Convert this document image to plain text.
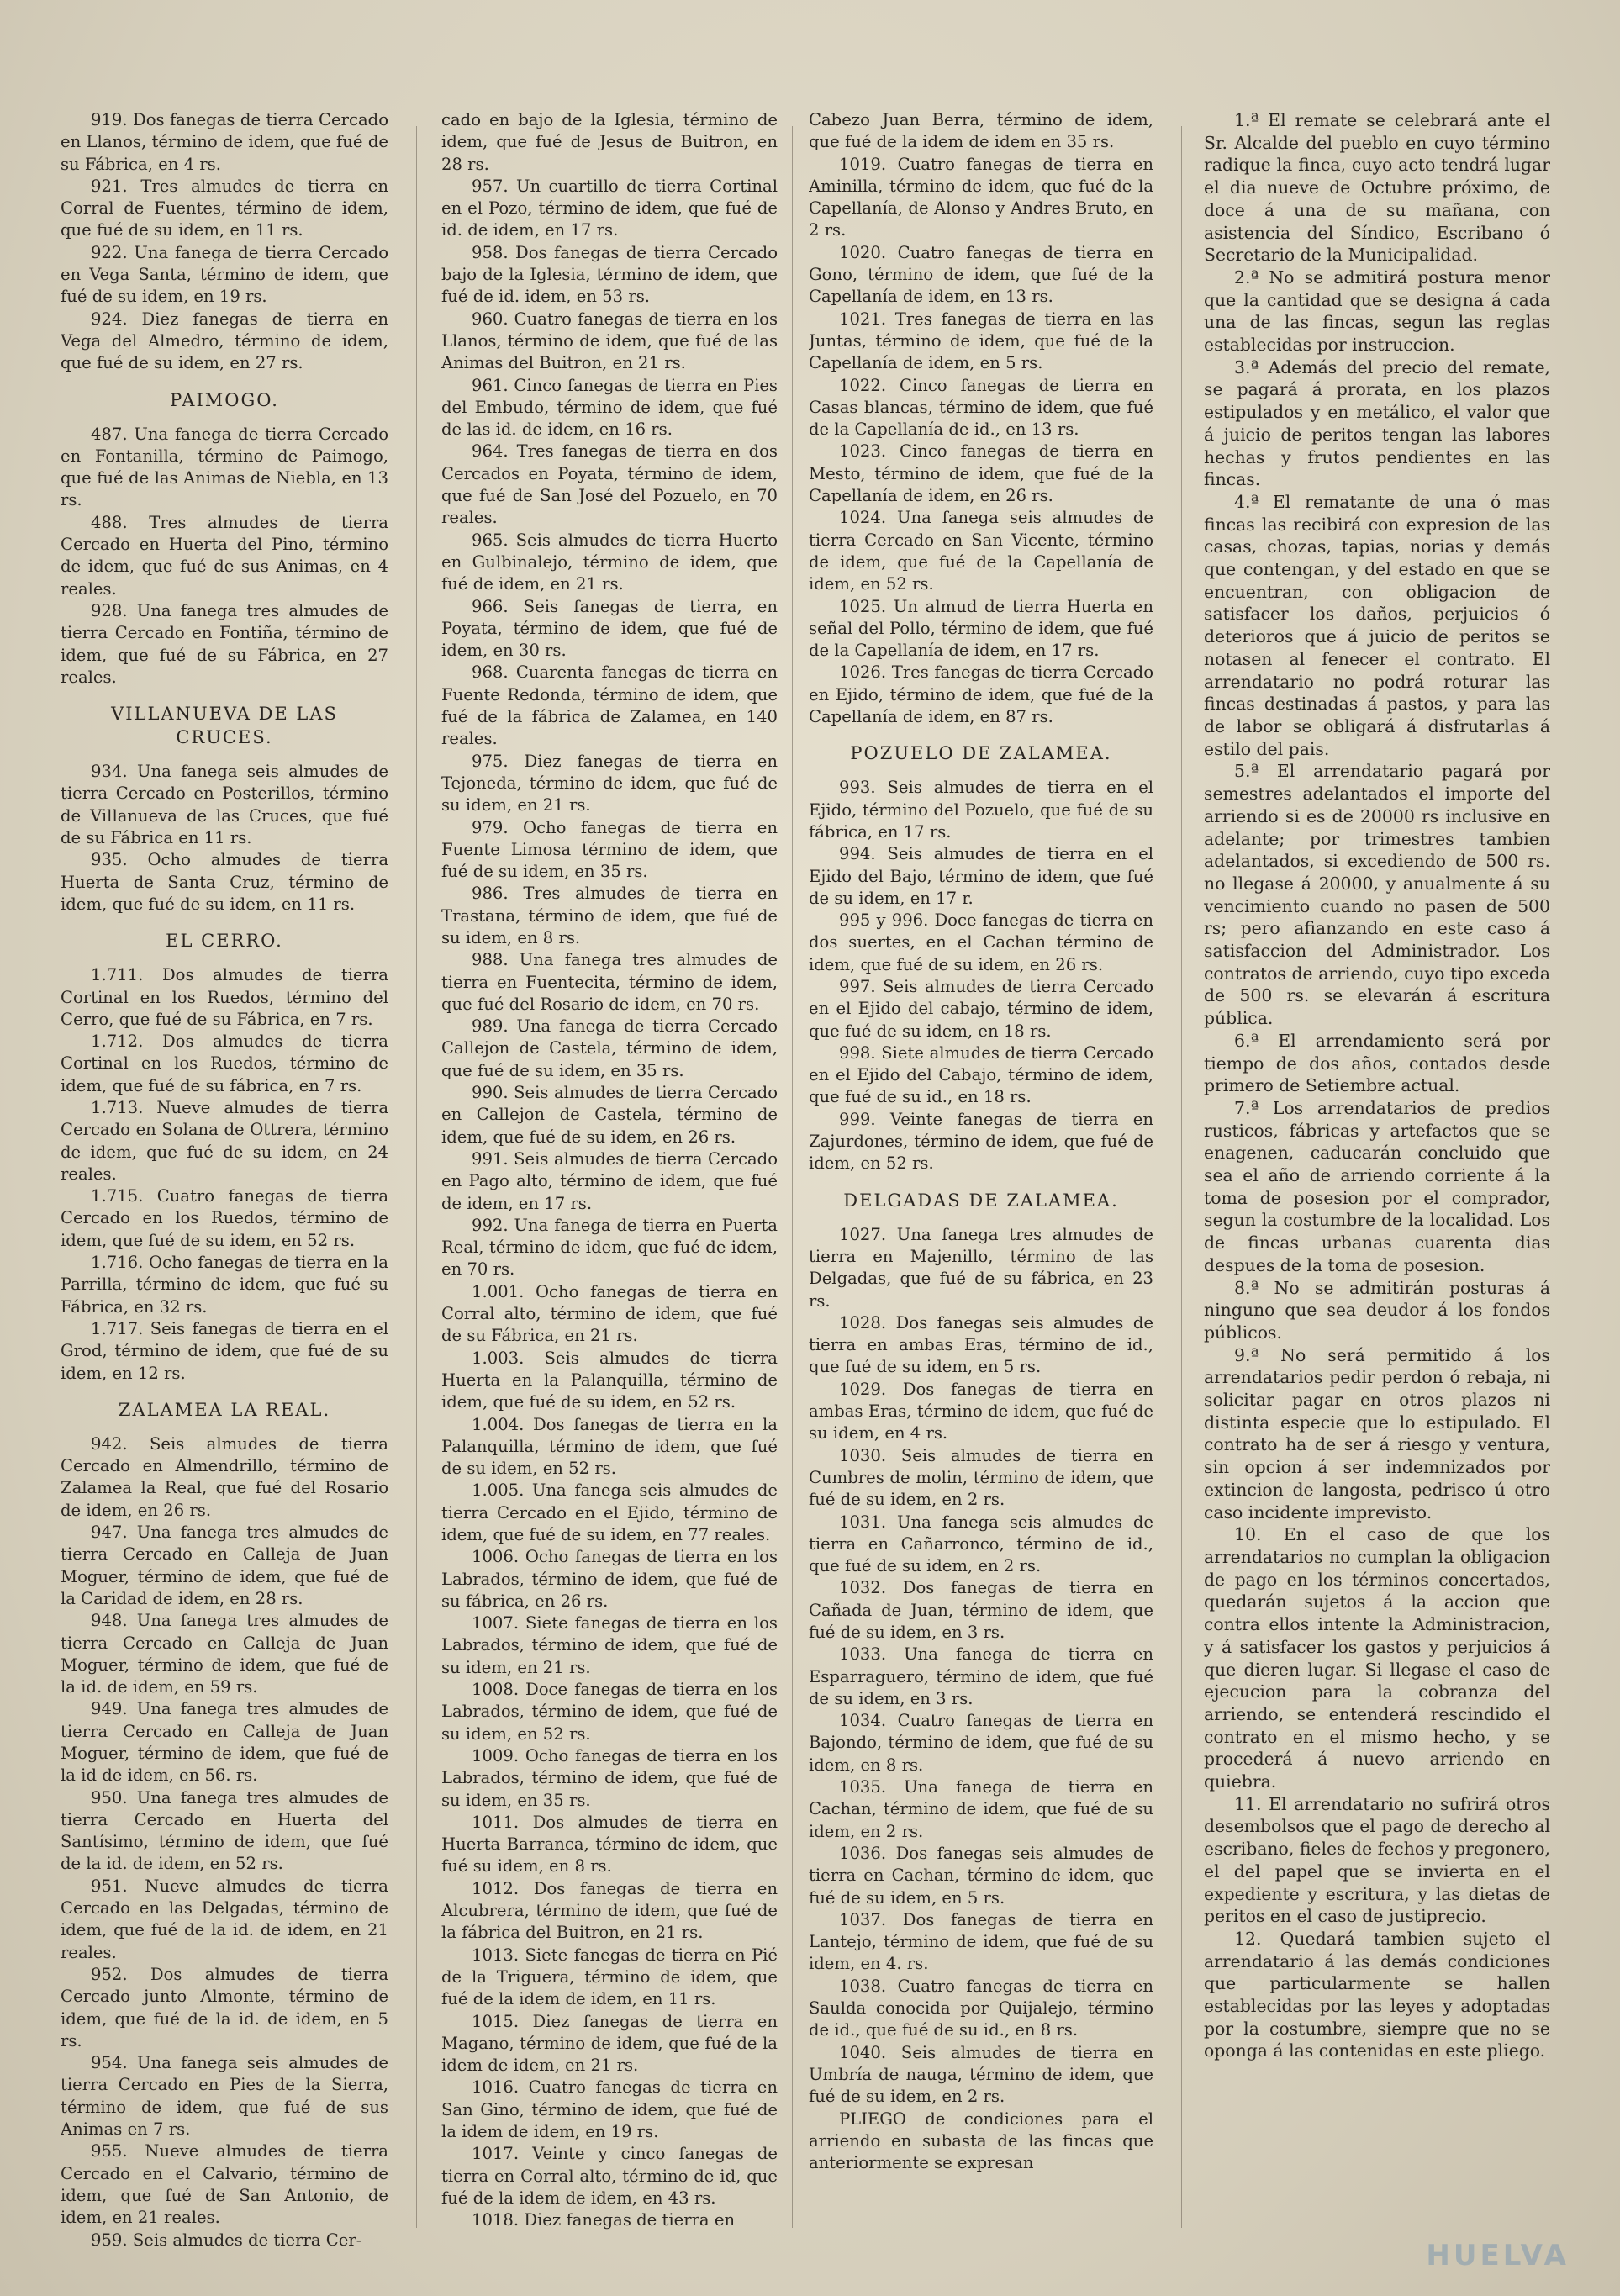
919. Dos fanegas de tierra Cercado en Llanos, término de idem, que fué de su Fábrica, en 4 rs.

921. Tres almudes de tierra en Corral de Fuentes, término de idem, que fué de su idem, en 11 rs.

922. Una fanega de tierra Cercado en Vega Santa, término de idem, que fué de su idem, en 19 rs.

924. Diez fanegas de tierra en Vega del Almedro, término de idem, que fué de su idem, en 27 rs.

PAIMOGO.

487. Una fanega de tierra Cercado en Fontanilla, término de Paimogo, que fué de las Animas de Niebla, en 13 rs.

488. Tres almudes de tierra Cercado en Huerta del Pino, término de idem, que fué de sus Animas, en 4 reales.

928. Una fanega tres almudes de tierra Cercado en Fontiña, término de idem, que fué de su Fábrica, en 27 reales.

VILLANUEVA DE LAS CRUCES.

934. Una fanega seis almudes de tierra Cercado en Posterillos, término de Villanueva de las Cruces, que fué de su Fábrica en 11 rs.

935. Ocho almudes de tierra Huerta de Santa Cruz, término de idem, que fué de su idem, en 11 rs.

EL CERRO.

1.711. Dos almudes de tierra Cortinal en los Ruedos, término del Cerro, que fué de su Fábrica, en 7 rs.

1.712. Dos almudes de tierra Cortinal en los Ruedos, término de idem, que fué de su fábrica, en 7 rs.

1.713. Nueve almudes de tierra Cercado en Solana de Ottrera, término de idem, que fué de su idem, en 24 reales.

1.715. Cuatro fanegas de tierra Cercado en los Ruedos, término de idem, que fué de su idem, en 52 rs.

1.716. Ocho fanegas de tierra en la Parrilla, término de idem, que fué su Fábrica, en 32 rs.

1.717. Seis fanegas de tierra en el Grod, término de idem, que fué de su idem, en 12 rs.

ZALAMEA LA REAL.

942. Seis almudes de tierra Cercado en Almendrillo, término de Zalamea la Real, que fué del Rosario de idem, en 26 rs.

947. Una fanega tres almudes de tierra Cercado en Calleja de Juan Moguer, término de idem, que fué de la Caridad de idem, en 28 rs.

948. Una fanega tres almudes de tierra Cercado en Calleja de Juan Moguer, término de idem, que fué de la id. de idem, en 59 rs.

949. Una fanega tres almudes de tierra Cercado en Calleja de Juan Moguer, término de idem, que fué de la id de idem, en 56. rs.

950. Una fanega tres almudes de tierra Cercado en Huerta del Santísimo, término de idem, que fué de la id. de idem, en 52 rs.

951. Nueve almudes de tierra Cercado en las Delgadas, término de idem, que fué de la id. de idem, en 21 reales.

952. Dos almudes de tierra Cercado junto Almonte, término de idem, que fué de la id. de idem, en 5 rs.

954. Una fanega seis almudes de tierra Cercado en Pies de la Sierra, término de idem, que fué de sus Animas en 7 rs.

955. Nueve almudes de tierra Cercado en el Calvario, término de idem, que fué de San Antonio, de idem, en 21 reales.

959. Seis almudes de tierra Cer-

cado en bajo de la Iglesia, término de idem, que fué de Jesus de Buitron, en 28 rs.

957. Un cuartillo de tierra Cortinal en el Pozo, término de idem, que fué de id. de idem, en 17 rs.

958. Dos fanegas de tierra Cercado bajo de la Iglesia, término de idem, que fué de id. idem, en 53 rs.

960. Cuatro fanegas de tierra en los Llanos, término de idem, que fué de las Animas del Buitron, en 21 rs.

961. Cinco fanegas de tierra en Pies del Embudo, término de idem, que fué de las id. de idem, en 16 rs.

964. Tres fanegas de tierra en dos Cercados en Poyata, término de idem, que fué de San José del Pozuelo, en 70 reales.

965. Seis almudes de tierra Huerto en Gulbinalejo, término de idem, que fué de idem, en 21 rs.

966. Seis fanegas de tierra, en Poyata, término de idem, que fué de idem, en 30 rs.

968. Cuarenta fanegas de tierra en Fuente Redonda, término de idem, que fué de la fábrica de Zalamea, en 140 reales.

975. Diez fanegas de tierra en Tejoneda, término de idem, que fué de su idem, en 21 rs.

979. Ocho fanegas de tierra en Fuente Limosa término de idem, que fué de su idem, en 35 rs.

986. Tres almudes de tierra en Trastana, término de idem, que fué de su idem, en 8 rs.

988. Una fanega tres almudes de tierra en Fuentecita, término de idem, que fué del Rosario de idem, en 70 rs.

989. Una fanega de tierra Cercado Callejon de Castela, término de idem, que fué de su idem, en 35 rs.

990. Seis almudes de tierra Cercado en Callejon de Castela, término de idem, que fué de su idem, en 26 rs.

991. Seis almudes de tierra Cercado en Pago alto, término de idem, que fué de idem, en 17 rs.

992. Una fanega de tierra en Puerta Real, término de idem, que fué de idem, en 70 rs.

1.001. Ocho fanegas de tierra en Corral alto, término de idem, que fué de su Fábrica, en 21 rs.

1.003. Seis almudes de tierra Huerta en la Palanquilla, término de idem, que fué de su idem, en 52 rs.

1.004. Dos fanegas de tierra en la Palanquilla, término de idem, que fué de su idem, en 52 rs.

1.005. Una fanega seis almudes de tierra Cercado en el Ejido, término de idem, que fué de su idem, en 77 reales.

1006. Ocho fanegas de tierra en los Labrados, término de idem, que fué de su fábrica, en 26 rs.

1007. Siete fanegas de tierra en los Labrados, término de idem, que fué de su idem, en 21 rs.

1008. Doce fanegas de tierra en los Labrados, término de idem, que fué de su idem, en 52 rs.

1009. Ocho fanegas de tierra en los Labrados, término de idem, que fué de su idem, en 35 rs.

1011. Dos almudes de tierra en Huerta Barranca, término de idem, que fué su idem, en 8 rs.

1012. Dos fanegas de tierra en Alcubrera, término de idem, que fué de la fábrica del Buitron, en 21 rs.

1013. Siete fanegas de tierra en Pié de la Triguera, término de idem, que fué de la idem de idem, en 11 rs.

1015. Diez fanegas de tierra en Magano, término de idem, que fué de la idem de idem, en 21 rs.

1016. Cuatro fanegas de tierra en San Gino, término de idem, que fué de la idem de idem, en 19 rs.

1017. Veinte y cinco fanegas de tierra en Corral alto, término de id, que fué de la idem de idem, en 43 rs.

1018. Diez fanegas de tierra en

Cabezo Juan Berra, término de idem, que fué de la idem de idem en 35 rs.

1019. Cuatro fanegas de tierra en Aminilla, término de idem, que fué de la Capellanía, de Alonso y Andres Bruto, en 2 rs.

1020. Cuatro fanegas de tierra en Gono, término de idem, que fué de la Capellanía de idem, en 13 rs.

1021. Tres fanegas de tierra en las Juntas, término de idem, que fué de la Capellanía de idem, en 5 rs.

1022. Cinco fanegas de tierra en Casas blancas, término de idem, que fué de la Capellanía de id., en 13 rs.

1023. Cinco fanegas de tierra en Mesto, término de idem, que fué de la Capellanía de idem, en 26 rs.

1024. Una fanega seis almudes de tierra Cercado en San Vicente, término de idem, que fué de la Capellanía de idem, en 52 rs.

1025. Un almud de tierra Huerta en señal del Pollo, término de idem, que fué de la Capellanía de idem, en 17 rs.

1026. Tres fanegas de tierra Cercado en Ejido, término de idem, que fué de la Capellanía de idem, en 87 rs.

POZUELO DE ZALAMEA.

993. Seis almudes de tierra en el Ejido, término del Pozuelo, que fué de su fábrica, en 17 rs.

994. Seis almudes de tierra en el Ejido del Bajo, término de idem, que fué de su idem, en 17 r.

995 y 996. Doce fanegas de tierra en dos suertes, en el Cachan término de idem, que fué de su idem, en 26 rs.

997. Seis almudes de tierra Cercado en el Ejido del cabajo, término de idem, que fué de su idem, en 18 rs.

998. Siete almudes de tierra Cercado en el Ejido del Cabajo, término de idem, que fué de su id., en 18 rs.

999. Veinte fanegas de tierra en Zajurdones, término de idem, que fué de idem, en 52 rs.

DELGADAS DE ZALAMEA.

1027. Una fanega tres almudes de tierra en Majenillo, término de las Delgadas, que fué de su fábrica, en 23 rs.

1028. Dos fanegas seis almudes de tierra en ambas Eras, término de id., que fué de su idem, en 5 rs.

1029. Dos fanegas de tierra en ambas Eras, término de idem, que fué de su idem, en 4 rs.

1030. Seis almudes de tierra en Cumbres de molin, término de idem, que fué de su idem, en 2 rs.

1031. Una fanega seis almudes de tierra en Cañarronco, término de id., que fué de su idem, en 2 rs.

1032. Dos fanegas de tierra en Cañada de Juan, término de idem, que fué de su idem, en 3 rs.

1033. Una fanega de tierra en Esparraguero, término de idem, que fué de su idem, en 3 rs.

1034. Cuatro fanegas de tierra en Bajondo, término de idem, que fué de su idem, en 8 rs.

1035. Una fanega de tierra en Cachan, término de idem, que fué de su idem, en 2 rs.

1036. Dos fanegas seis almudes de tierra en Cachan, término de idem, que fué de su idem, en 5 rs.

1037. Dos fanegas de tierra en Lantejo, término de idem, que fué de su idem, en 4. rs.

1038. Cuatro fanegas de tierra en Saulda conocida por Quijalejo, término de id., que fué de su id., en 8 rs.

1040. Seis almudes de tierra en Umbría de nauga, término de idem, que fué de su idem, en 2 rs.

PLIEGO de condiciones para el arriendo en subasta de las fincas que anteriormente se expresan

1.ª El remate se celebrará ante el Sr. Alcalde del pueblo en cuyo término radique la finca, cuyo acto tendrá lugar el dia nueve de Octubre próximo, de doce á una de su mañana, con asistencia del Síndico, Escribano ó Secretario de la Municipalidad.

2.ª No se admitirá postura menor que la cantidad que se designa á cada una de las fincas, segun las reglas establecidas por instruccion.

3.ª Además del precio del remate, se pagará á prorata, en los plazos estipulados y en metálico, el valor que á juicio de peritos tengan las labores hechas y frutos pendientes en las fincas.

4.ª El rematante de una ó mas fincas las recibirá con expresion de las casas, chozas, tapias, norias y demás que contengan, y del estado en que se encuentran, con obligacion de satisfacer los daños, perjuicios ó deterioros que á juicio de peritos se notasen al fenecer el contrato. El arrendatario no podrá roturar las fincas destinadas á pastos, y para las de labor se obligará á disfrutarlas á estilo del pais.

5.ª El arrendatario pagará por semestres adelantados el importe del arriendo si es de 20000 rs inclusive en adelante; por trimestres tambien adelantados, si excediendo de 500 rs. no llegase á 20000, y anualmente á su vencimiento cuando no pasen de 500 rs; pero afianzando en este caso á satisfaccion del Administrador. Los contratos de arriendo, cuyo tipo exceda de 500 rs. se elevarán á escritura pública.

6.ª El arrendamiento será por tiempo de dos años, contados desde primero de Setiembre actual.

7.ª Los arrendatarios de predios rusticos, fábricas y artefactos que se enagenen, caducarán concluido que sea el año de arriendo corriente á la toma de posesion por el comprador, segun la costumbre de la localidad. Los de fincas urbanas cuarenta dias despues de la toma de posesion.

8.ª No se admitirán posturas á ninguno que sea deudor á los fondos públicos.

9.ª No será permitido á los arrendatarios pedir perdon ó rebaja, ni solicitar pagar en otros plazos ni distinta especie que lo estipulado. El contrato ha de ser á riesgo y ventura, sin opcion á ser indemnizados por extincion de langosta, pedrisco ú otro caso incidente imprevisto.

10. En el caso de que los arrendatarios no cumplan la obligacion de pago en los términos concertados, quedarán sujetos á la accion que contra ellos intente la Administracion, y á satisfacer los gastos y perjuicios á que dieren lugar. Si llegase el caso de ejecucion para la cobranza del arriendo, se entenderá rescindido el contrato en el mismo hecho, y se procederá á nuevo arriendo en quiebra.

11. El arrendatario no sufrirá otros desembolsos que el pago de derecho al escribano, fieles de fechos y pregonero, el del papel que se invierta en el expediente y escritura, y las dietas de peritos en el caso de justiprecio.

12. Quedará tambien sujeto el arrendatario á las demás condiciones que particularmente se hallen establecidas por las leyes y adoptadas por la costumbre, siempre que no se oponga á las contenidas en este pliego.

HUELVA
